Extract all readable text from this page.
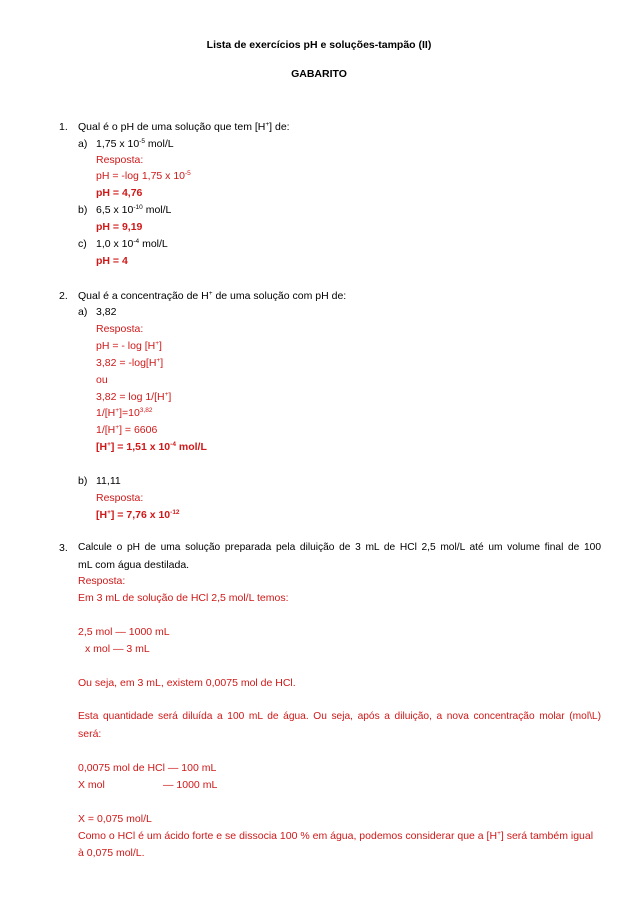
Lista de exercícios pH e soluções-tampão (II)
GABARITO
1. Qual é o pH de uma solução que tem [H+] de:
a) 1,75 x $10^{-5}$ mol/L
Resposta:
pH = -log 1,75 x $10^{-5}$
pH = 4,76
b) 6,5 x $10^{-10}$ mol/L
pH = 9,19
c) 1,0 x $10^{-4}$ mol/L
pH = 4
2. Qual é a concentração de H+ de uma solução com pH de:
a) 3,82
Resposta:
pH = - log [H+]
3,82 = -log[H+]
ou
3,82 = log 1/[H+]
$1/[H^+]=10^{3,82}$
1/[H+] = 6606
[H+] = 1,51 x $10^{-4}$ mol/L
b) 11,11
Resposta:
[H+] = 7,76 x $10^{-12}$
3. Calcule o pH de uma solução preparada pela diluição de 3 mL de HCl 2,5 mol/L até um volume final de 100
mL com água destilada.
Resposta:
Em 3 mL de solução de HCl 2,5 mol/L temos:
2,5 mol — 1000 mL
x mol — 3 mL
Ou seja, em 3 mL, existem 0,0075 mol de HCl.
Esta quantidade será diluída a 100 mL de água. Ou seja, após a diluição, a nova concentração molar (mol\L)
será:
0,0075 mol de HCl — 100 mL
X mol	— 1000 mL
X = 0,075 mol/L
Como o HCl é um ácido forte e se dissocia 100 % em água, podemos considerar que a [H+] será também igual
à 0,075 mol/L.
